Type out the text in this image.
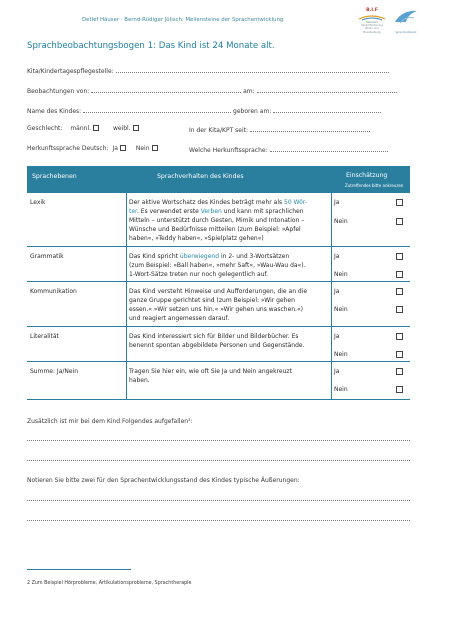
Detlef Häuser · Bernd-Rüdiger Jülisch: Meilensteine der Sprachentwicklung
B.I.F
Netzwerk Sprachförderung Berlin und Brandenburg	Sprachnetzwerk
Sprachbeobachtungsbogen 1: Das Kind ist 24 Monate alt.
Kita/Kindertagespflegestelle:
Beobachtungen von:	am:
Name des Kindes:	geboren am:
Geschlecht: männl.	weibl.	In der Kita/KPT seit:
Herkunftssprache Deutsch: Ja	Nein	Welche Herkunftssprache:
Sprachebenen	Sprachverhalten des Kindes	Einschätzung
Zutreffendes bitte ankreuzen
Lexik	Der aktive Wortschatz des Kindes beträgt mehr als 50 Wör-
ter. Es verwendet erste Verben und kann mit sprachlichen
Mitteln – unterstützt durch Gesten, Mimik und Intonation –
Wünsche und Bedürfnisse mitteilen (zum Beispiel: »Apfel
haben«, »Teddy haben«, »Spielplatz gehen«)
Ja
Nein
Grammatik	Das Kind spricht überwiegend in 2- und 3-Wortsätzen
(zum Beispiel: »Ball haben«, »mehr Saft«, »Wau-Wau da«).
1-Wort-Sätze treten nur noch gelegentlich auf.
Ja
Nein
Kommunikation	Das Kind versteht Hinweise und Aufforderungen, die an die
ganze Gruppe gerichtet sind (zum Beispiel: »Wir gehen
essen.« »Wir setzen uns hin.« »Wir gehen uns waschen.«)
und reagiert angemessen darauf.
Ja
Nein
Literalität	Das Kind interessiert sich für Bilder und Bilderbücher. Es
benennt spontan abgebildete Personen und Gegenstände.
Ja
Nein
Summe: Ja/Nein	Tragen Sie hier ein, wie oft Sie Ja und Nein angekreuzt
haben.
Ja
Nein
Zusätzlich ist mir bei dem Kind Folgendes aufgefallen²:
Notieren Sie bitte zwei für den Sprachentwicklungsstand des Kindes typische Äußerungen:
2 Zum Beispiel Hörprobleme, Artikulationsprobleme, Sprachtherapie
